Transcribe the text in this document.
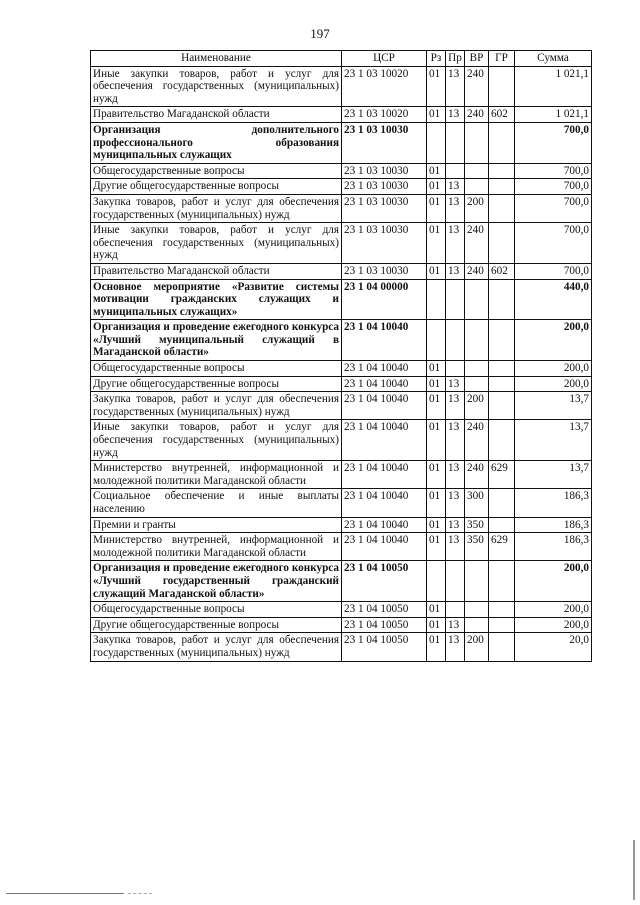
197
Наименование	ЦСР	Рз	Пр	ВР	ГР	Сумма
Иные закупки товаров, работ и услуг для обеспечения государственных (муниципальных) нужд	23 1 03 10020	01	13	240		1 021,1
Правительство Магаданской области	23 1 03 10020	01	13	240	602	1 021,1
Организация дополнительного профессионального образования муниципальных служащих	23 1 03 10030					700,0
Общегосударственные вопросы	23 1 03 10030	01				700,0
Другие общегосударственные вопросы	23 1 03 10030	01	13			700,0
Закупка товаров, работ и услуг для обеспечения государственных (муниципальных) нужд	23 1 03 10030	01	13	200		700,0
Иные закупки товаров, работ и услуг для обеспечения государственных (муниципальных) нужд	23 1 03 10030	01	13	240		700,0
Правительство Магаданской области	23 1 03 10030	01	13	240	602	700,0
Основное мероприятие «Развитие системы мотивации гражданских служащих и муниципальных служащих»	23 1 04 00000					440,0
Организация и проведение ежегодного конкурса «Лучший муниципальный служащий в Магаданской области»	23 1 04 10040					200,0
Общегосударственные вопросы	23 1 04 10040	01				200,0
Другие общегосударственные вопросы	23 1 04 10040	01	13			200,0
Закупка товаров, работ и услуг для обеспечения государственных (муниципальных) нужд	23 1 04 10040	01	13	200		13,7
Иные закупки товаров, работ и услуг для обеспечения государственных (муниципальных) нужд	23 1 04 10040	01	13	240		13,7
Министерство внутренней, информационной и молодежной политики Магаданской области	23 1 04 10040	01	13	240	629	13,7
Социальное обеспечение и иные выплаты населению	23 1 04 10040	01	13	300		186,3
Премии и гранты	23 1 04 10040	01	13	350		186,3
Министерство внутренней, информационной и молодежной политики Магаданской области	23 1 04 10040	01	13	350	629	186,3
Организация и проведение ежегодного конкурса «Лучший государственный гражданский служащий Магаданской области»	23 1 04 10050					200,0
Общегосударственные вопросы	23 1 04 10050	01				200,0
Другие общегосударственные вопросы	23 1 04 10050	01	13			200,0
Закупка товаров, работ и услуг для обеспечения государственных (муниципальных) нужд	23 1 04 10050	01	13	200		20,0
